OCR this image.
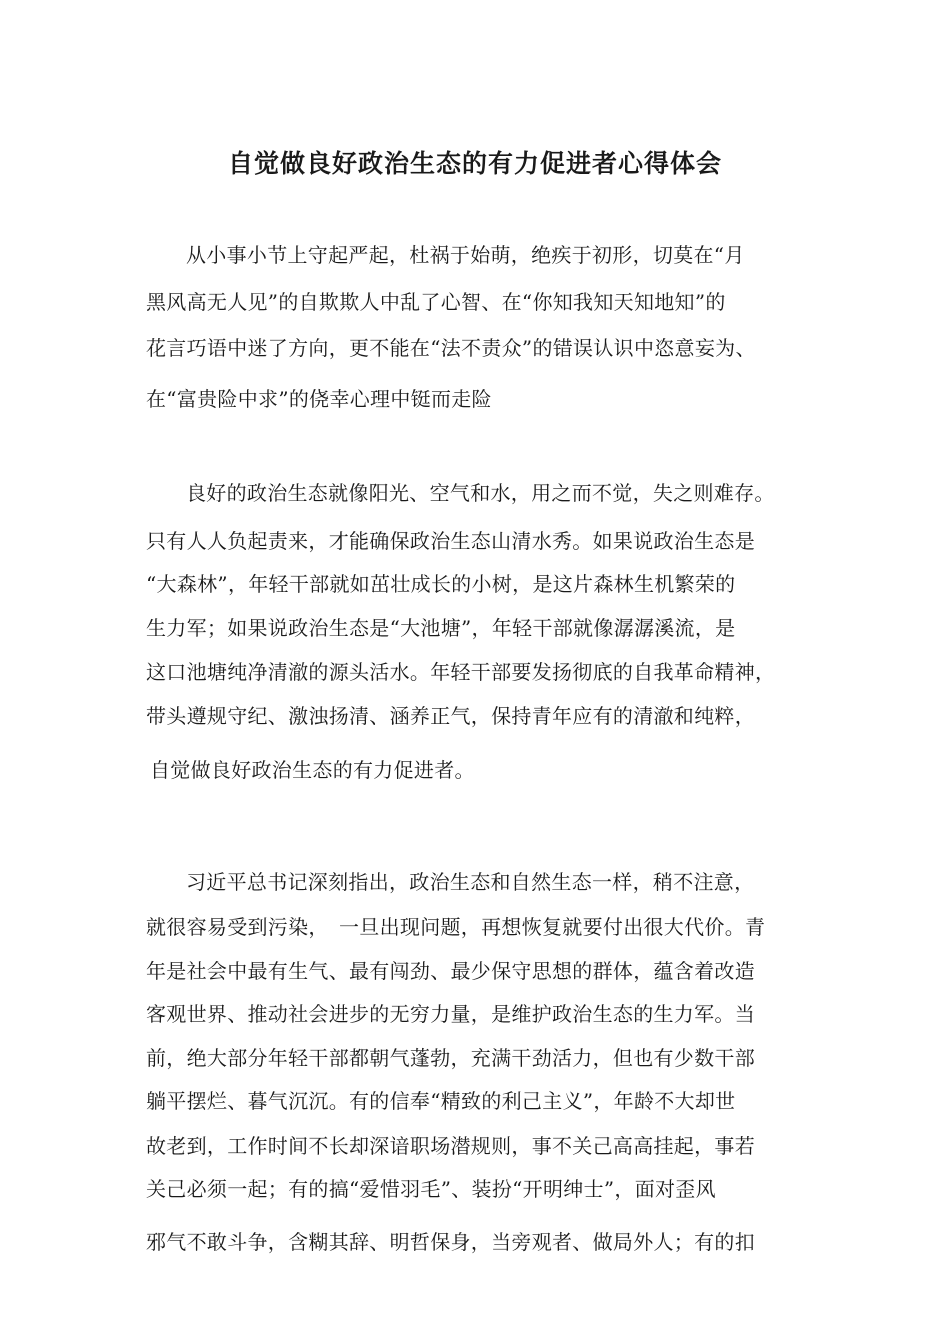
自觉做良好政治生态的有力促进者心得体会
从小事小节上守起严起，杜祸于始萌，绝疾于初形，切莫在“月
黑风高无人见”的自欺欺人中乱了心智、在“你知我知天知地知”的
花言巧语中迷了方向，更不能在“法不责众”的错误认识中恣意妄为、
在“富贵险中求”的侥幸心理中铤而走险
良好的政治生态就像阳光、空气和水，用之而不觉，失之则难存。
只有人人负起责来，才能确保政治生态山清水秀。如果说政治生态是
“大森林”，年轻干部就如茁壮成长的小树，是这片森林生机繁荣的
生力军；如果说政治生态是“大池塘”，年轻干部就像潺潺溪流，是
这口池塘纯净清澈的源头活水。年轻干部要发扬彻底的自我革命精神，
带头遵规守纪、激浊扬清、涵养正气，保持青年应有的清澈和纯粹，
自觉做良好政治生态的有力促进者。
习近平总书记深刻指出，政治生态和自然生态一样，稍不注意，
就很容易受到污染，　一旦出现问题，再想恢复就要付出很大代价。青
年是社会中最有生气、最有闯劲、最少保守思想的群体，蕴含着改造
客观世界、推动社会进步的无穷力量，是维护政治生态的生力军。当
前，绝大部分年轻干部都朝气蓬勃，充满干劲活力，但也有少数干部
躺平摆烂、暮气沉沉。有的信奉“精致的利己主义”，年龄不大却世
故老到，工作时间不长却深谙职场潜规则，事不关己高高挂起，事若
关己必须一起；有的搞“爱惜羽毛”、装扮“开明绅士”，面对歪风
邪气不敢斗争，含糊其辞、明哲保身，当旁观者、做局外人；有的扣
